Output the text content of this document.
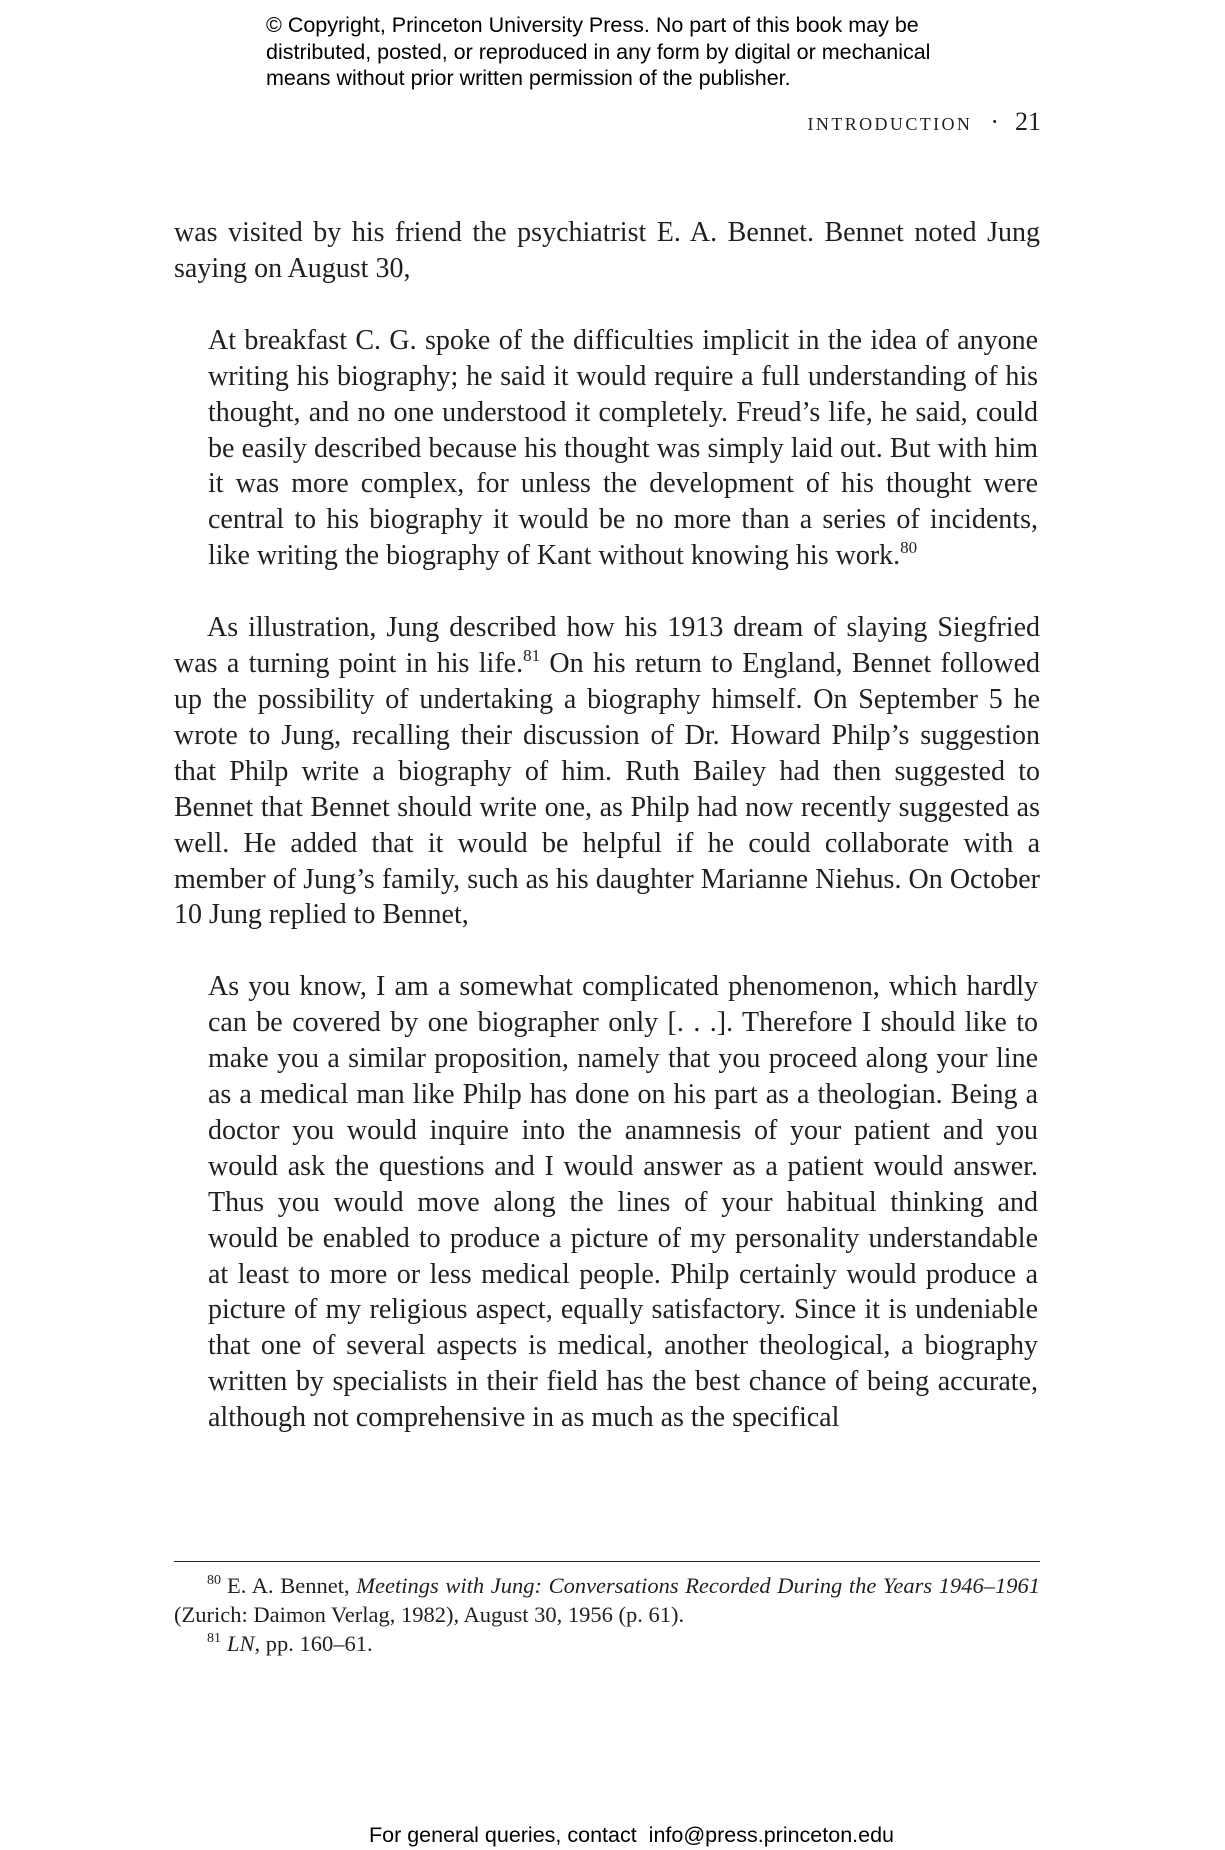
© Copyright, Princeton University Press. No part of this book may be
distributed, posted, or reproduced in any form by digital or mechanical
means without prior written permission of the publisher.
introduction · 21

was visited by his friend the psychiatrist E. A. Bennet. Bennet noted Jung saying on August 30,

At breakfast C. G. spoke of the difficulties implicit in the idea of anyone writing his biography; he said it would require a full understanding of his thought, and no one understood it completely. Freud’s life, he said, could be easily described because his thought was simply laid out. But with him it was more complex, for unless the development of his thought were central to his biography it would be no more than a series of incidents, like writing the biography of Kant without knowing his work.$^{80}$

As illustration, Jung described how his 1913 dream of slaying Siegfried was a turning point in his life.$^{81}$ On his return to England, Bennet followed up the possibility of undertaking a biography himself. On September 5 he wrote to Jung, recalling their discussion of Dr. Howard Philp’s suggestion that Philp write a biography of him. Ruth Bailey had then suggested to Bennet that Bennet should write one, as Philp had now recently suggested as well. He added that it would be helpful if he could collaborate with a member of Jung’s family, such as his daughter Marianne Niehus. On October 10 Jung replied to Bennet,

As you know, I am a somewhat complicated phenomenon, which hardly can be covered by one biographer only [. . .]. Therefore I should like to make you a similar proposition, namely that you proceed along your line as a medical man like Philp has done on his part as a theologian. Being a doctor you would inquire into the anamnesis of your patient and you would ask the questions and I would answer as a patient would answer. Thus you would move along the lines of your habitual thinking and would be enabled to produce a picture of my personality understandable at least to more or less medical people. Philp certainly would produce a picture of my religious aspect, equally satisfactory. Since it is undeniable that one of several aspects is medical, another theological, a biography written by specialists in their field has the best chance of being accurate, although not comprehensive in as much as the specifical

$^{80}$ E. A. Bennet, Meetings with Jung: Conversations Recorded During the Years 1946–1961 (Zurich: Daimon Verlag, 1982), August 30, 1956 (p. 61).

$^{81}$ LN, pp. 160–61.

For general queries, contact info@press.princeton.edu
